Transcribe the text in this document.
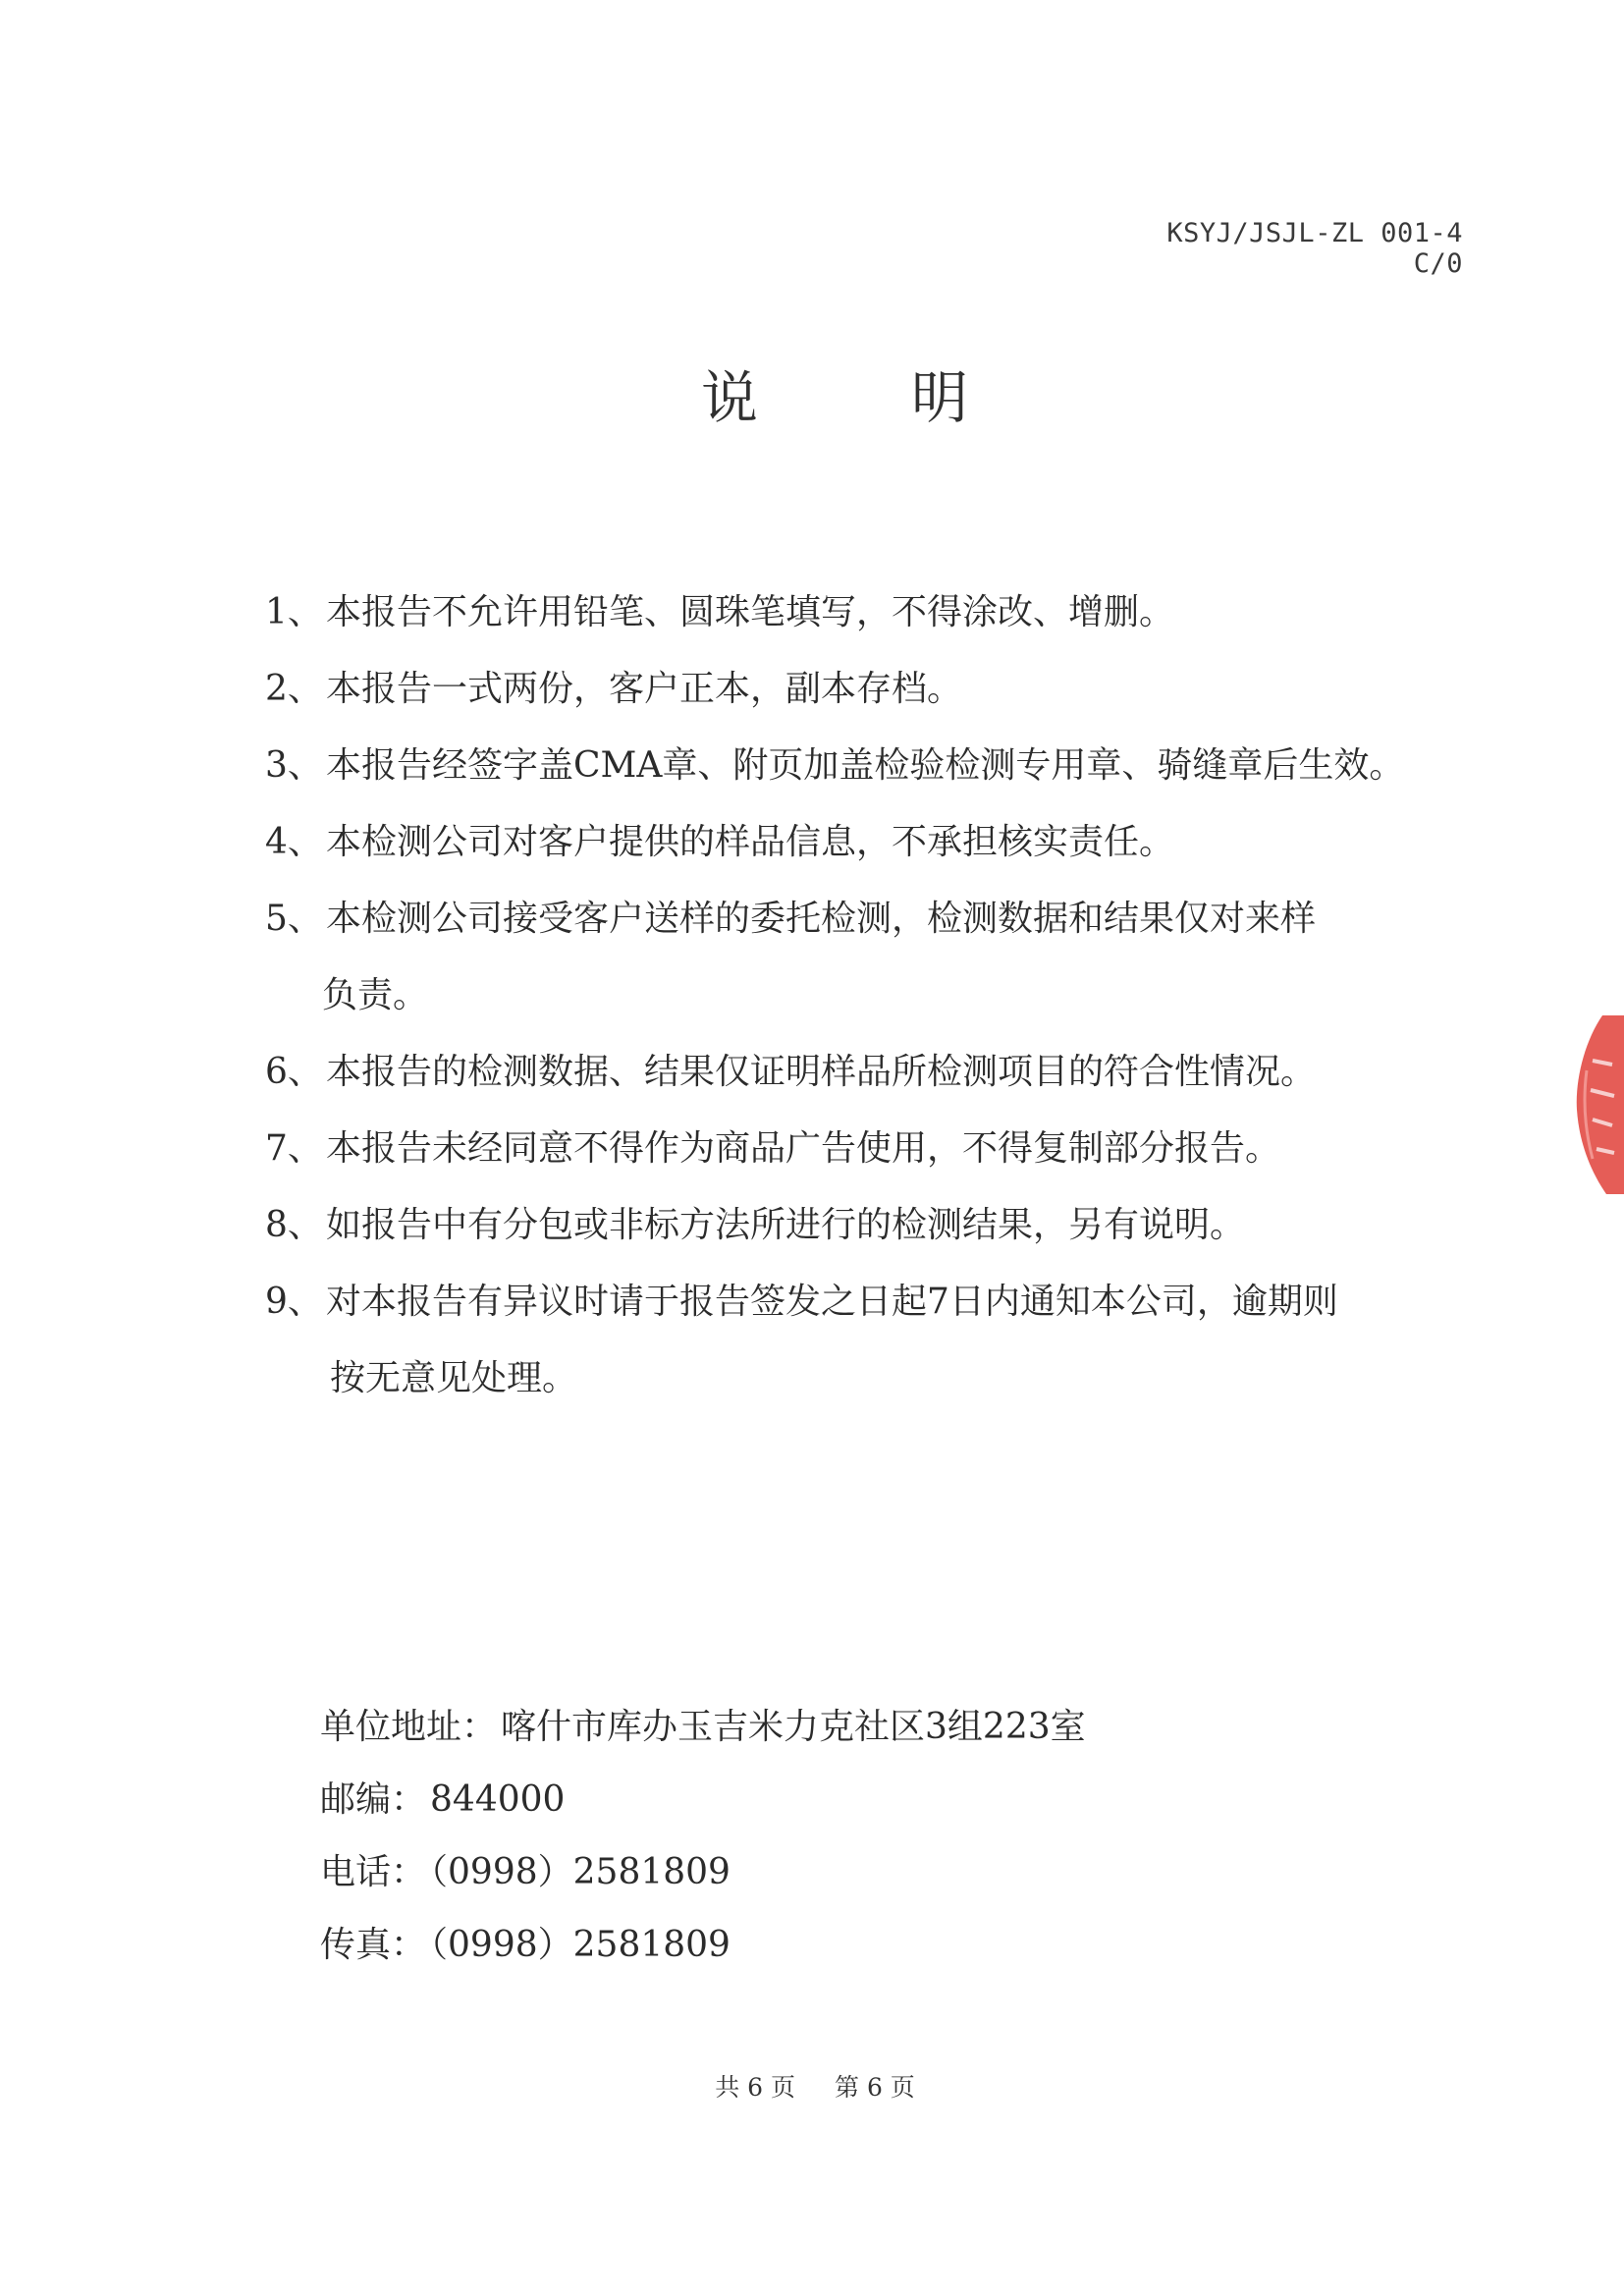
KSYJ/JSJL-ZL 001-4 C/0
说	明
1、 本报告不允许用铅笔、圆珠笔填写，不得涂改、增删。
2、 本报告一式两份，客户正本，副本存档。
3、 本报告经签字盖CMA章、附页加盖检验检测专用章、骑缝章后生效。
4、 本检测公司对客户提供的样品信息，不承担核实责任。
5、 本检测公司接受客户送样的委托检测，检测数据和结果仅对来样
负责。
6、 本报告的检测数据、结果仅证明样品所检测项目的符合性情况。
7、 本报告未经同意不得作为商品广告使用，不得复制部分报告。
8、 如报告中有分包或非标方法所进行的检测结果，另有说明。
9、 对本报告有异议时请于报告签发之日起7日内通知本公司，逾期则
按无意见处理。
单位地址： 喀什市库办玉吉米力克社区3组223室
邮编： 844000
电话： （0998）2581809
传真： （0998）2581809
共 6 页 第 6 页
